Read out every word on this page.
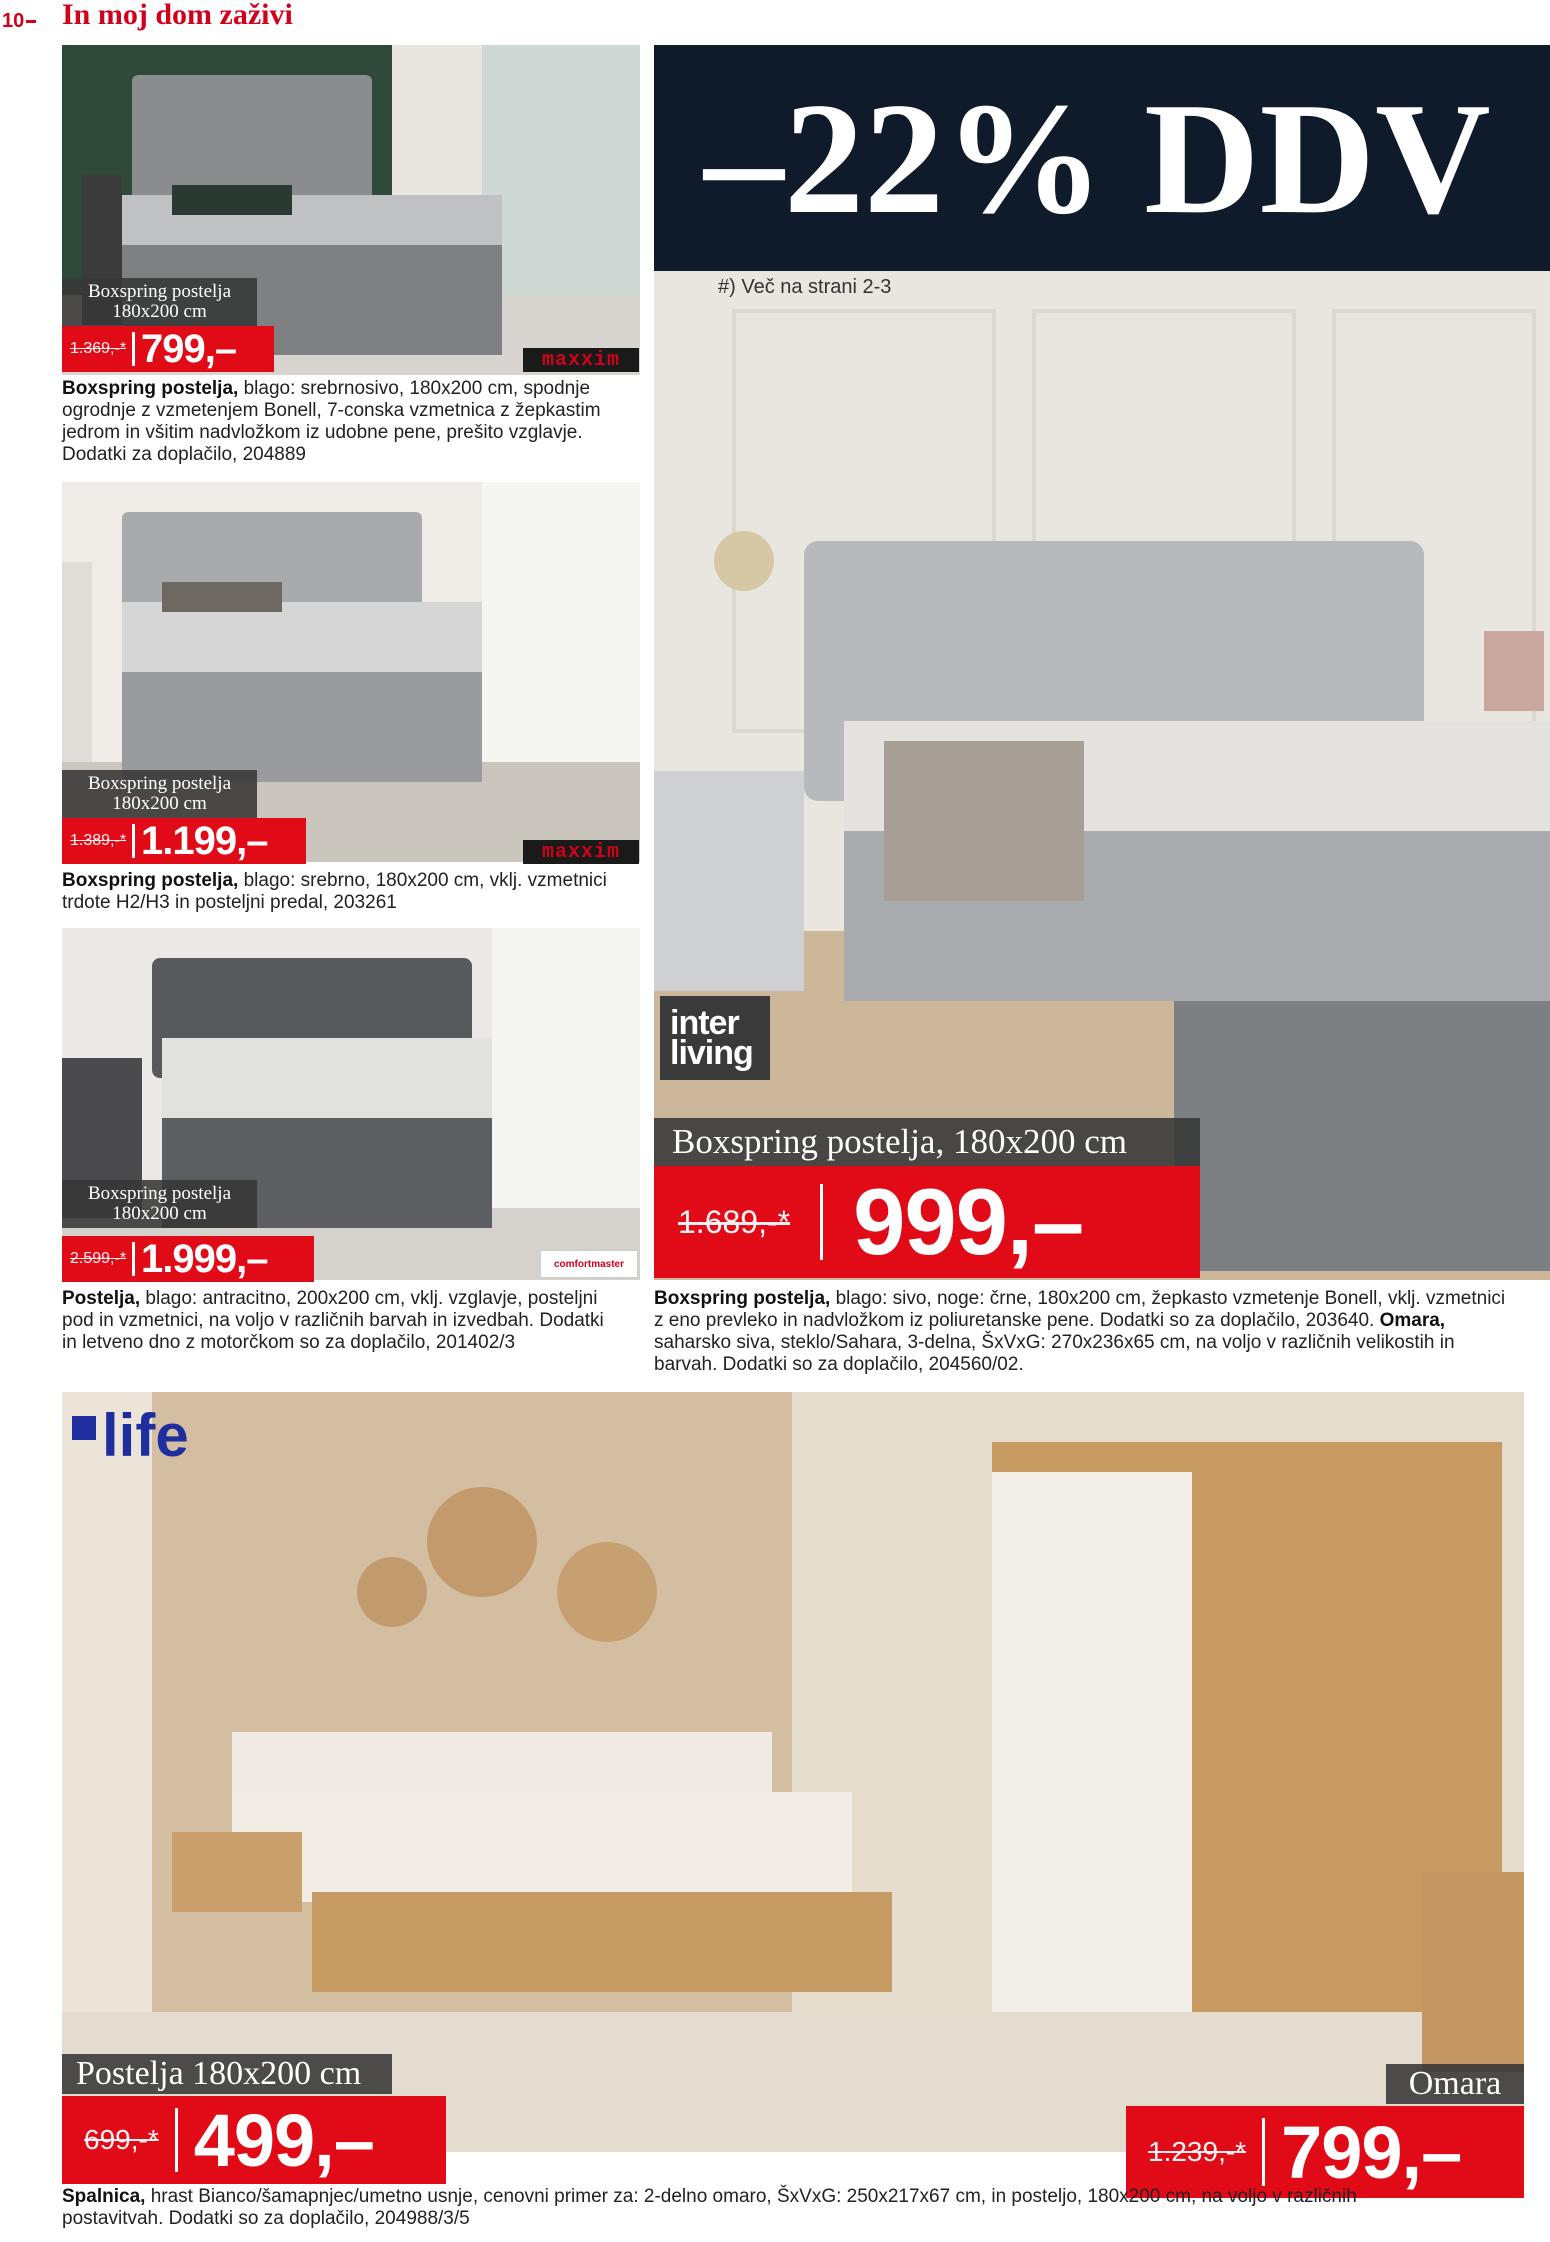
10	In moj dom zaživi
Boxspring postelja
180x200 cm
1.369,-* 799,–	maxxim
Boxspring postelja, blago: srebrnosivo, 180x200 cm, spodnje ogrodnje z vzmetenjem Bonell, 7-conska vzmetnica z žepkastim jedrom in všitim nadvložkom iz udobne pene, prešito vzglavje. Dodatki za doplačilo, 204889
Boxspring postelja
180x200 cm
1.389,-* 1.199,–	maxxim
Boxspring postelja, blago: srebrno, 180x200 cm, vklj. vzmetnici trdote H2/H3 in posteljni predal, 203261
Boxspring postelja
180x200 cm
2.599,-* 1.999,–	comfortmaster
Postelja, blago: antracitno, 200x200 cm, vklj. vzglavje, posteljni pod in vzmetnici, na voljo v različnih barvah in izvedbah. Dodatki in letveno dno z motorčkom so za doplačilo, 201402/3
–22% DDV
#) Več na strani 2-3
inter
living
Boxspring postelja, 180x200 cm
1.689,-* 999,–
Boxspring postelja, blago: sivo, noge: črne, 180x200 cm, žepkasto vzmetenje Bonell, vklj. vzmetnici z eno prevleko in nadvložkom iz poliuretanske pene. Dodatki so za doplačilo, 203640. Omara, saharsko siva, steklo/Sahara, 3-delna, ŠxVxG: 270x236x65 cm, na voljo v različnih velikostih in barvah. Dodatki so za doplačilo, 204560/02.
life
Postelja 180x200 cm
699,-* 499,–
Omara
1.239,-* 799,–
Spalnica, hrast Bianco/šamapnjec/umetno usnje, cenovni primer za: 2-delno omaro, ŠxVxG: 250x217x67 cm, in posteljo, 180x200 cm, na voljo v različnih postavitvah. Dodatki so za doplačilo, 204988/3/5
